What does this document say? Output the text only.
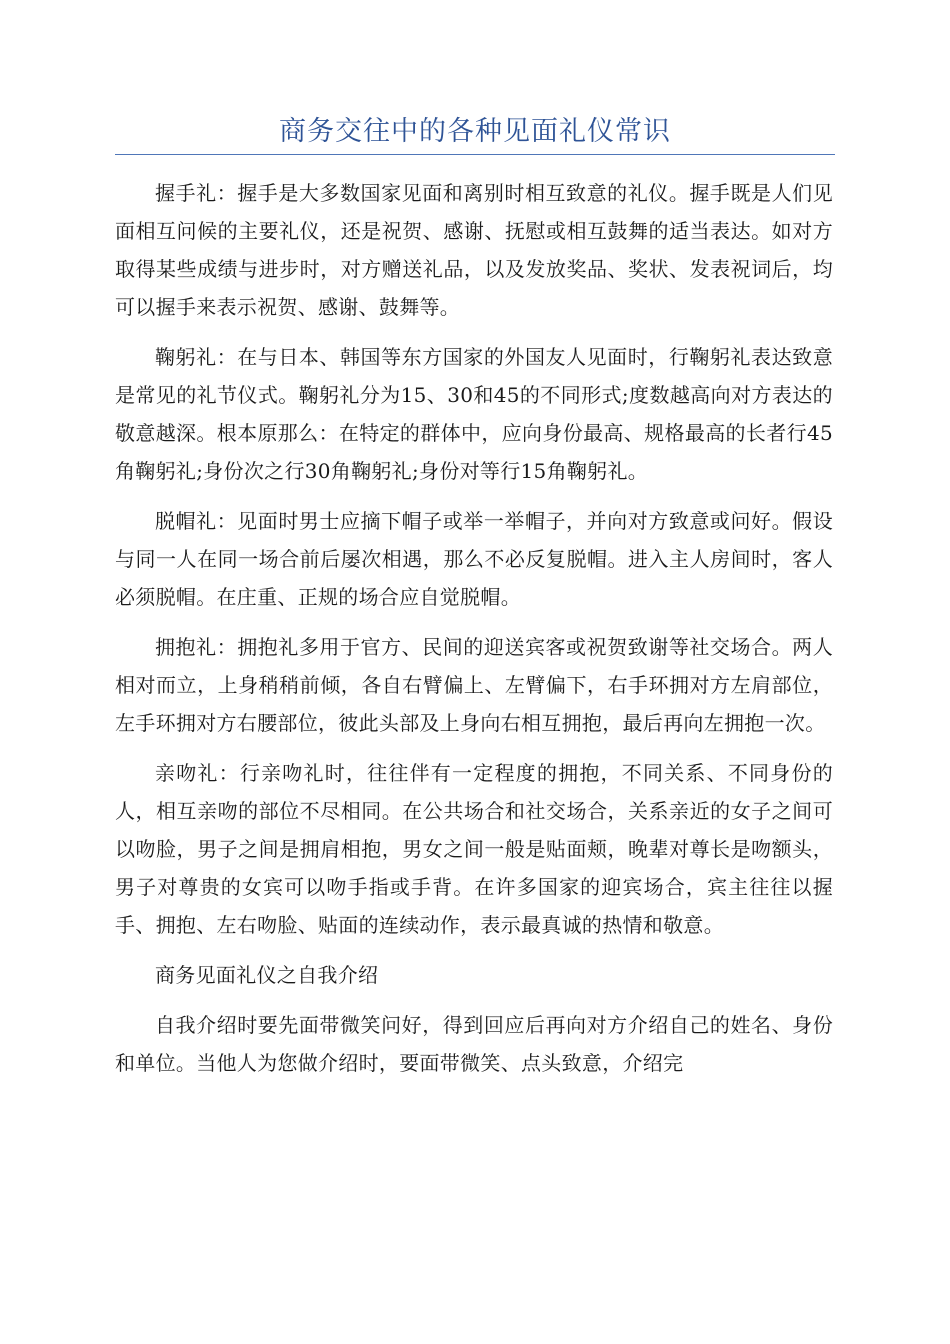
商务交往中的各种见面礼仪常识

握手礼：握手是大多数国家见面和离别时相互致意的礼仪。握手既是人们见面相互问候的主要礼仪，还是祝贺、感谢、抚慰或相互鼓舞的适当表达。如对方取得某些成绩与进步时，对方赠送礼品，以及发放奖品、奖状、发表祝词后，均可以握手来表示祝贺、感谢、鼓舞等。

鞠躬礼：在与日本、韩国等东方国家的外国友人见面时，行鞠躬礼表达致意是常见的礼节仪式。鞠躬礼分为15、30和45的不同形式;度数越高向对方表达的敬意越深。根本原那么：在特定的群体中，应向身份最高、规格最高的长者行45角鞠躬礼;身份次之行30角鞠躬礼;身份对等行15角鞠躬礼。

脱帽礼：见面时男士应摘下帽子或举一举帽子，并向对方致意或问好。假设与同一人在同一场合前后屡次相遇，那么不必反复脱帽。进入主人房间时，客人必须脱帽。在庄重、正规的场合应自觉脱帽。

拥抱礼：拥抱礼多用于官方、民间的迎送宾客或祝贺致谢等社交场合。两人相对而立，上身稍稍前倾，各自右臂偏上、左臂偏下，右手环拥对方左肩部位，左手环拥对方右腰部位，彼此头部及上身向右相互拥抱，最后再向左拥抱一次。

亲吻礼：行亲吻礼时，往往伴有一定程度的拥抱，不同关系、不同身份的人，相互亲吻的部位不尽相同。在公共场合和社交场合，关系亲近的女子之间可以吻脸，男子之间是拥肩相抱，男女之间一般是贴面颊，晚辈对尊长是吻额头，男子对尊贵的女宾可以吻手指或手背。在许多国家的迎宾场合，宾主往往以握手、拥抱、左右吻脸、贴面的连续动作，表示最真诚的热情和敬意。

商务见面礼仪之自我介绍

自我介绍时要先面带微笑问好，得到回应后再向对方介绍自己的姓名、身份和单位。当他人为您做介绍时，要面带微笑、点头致意，介绍完
